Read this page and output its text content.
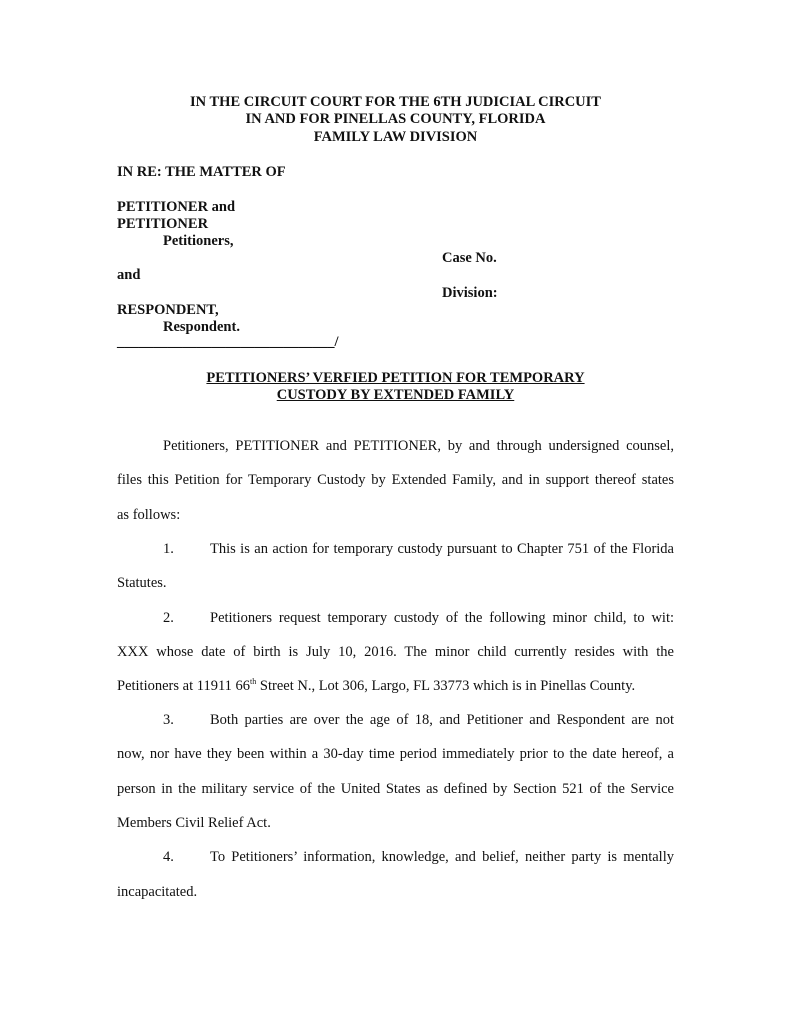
IN THE CIRCUIT COURT FOR THE 6TH JUDICIAL CIRCUIT
IN AND FOR PINELLAS COUNTY, FLORIDA
FAMILY LAW DIVISION
IN RE: THE MATTER OF
PETITIONER and
PETITIONER
Petitioners,
Case No.
and
Division:
RESPONDENT,
Respondent.
______________________________/
PETITIONERS’ VERFIED PETITION FOR TEMPORARY
CUSTODY BY EXTENDED FAMILY
Petitioners, PETITIONER and PETITIONER, by and through undersigned counsel,
files this Petition for Temporary Custody by Extended Family, and in support thereof states
as follows:
1. This is an action for temporary custody pursuant to Chapter 751 of the Florida
Statutes.
2. Petitioners request temporary custody of the following minor child, to wit:
XXX whose date of birth is July 10, 2016. The minor child currently resides with the
Petitioners at 11911 66th Street N., Lot 306, Largo, FL 33773 which is in Pinellas County.
3. Both parties are over the age of 18, and Petitioner and Respondent are not
now, nor have they been within a 30-day time period immediately prior to the date hereof, a
person in the military service of the United States as defined by Section 521 of the Service
Members Civil Relief Act.
4. To Petitioners’ information, knowledge, and belief, neither party is mentally
incapacitated.
